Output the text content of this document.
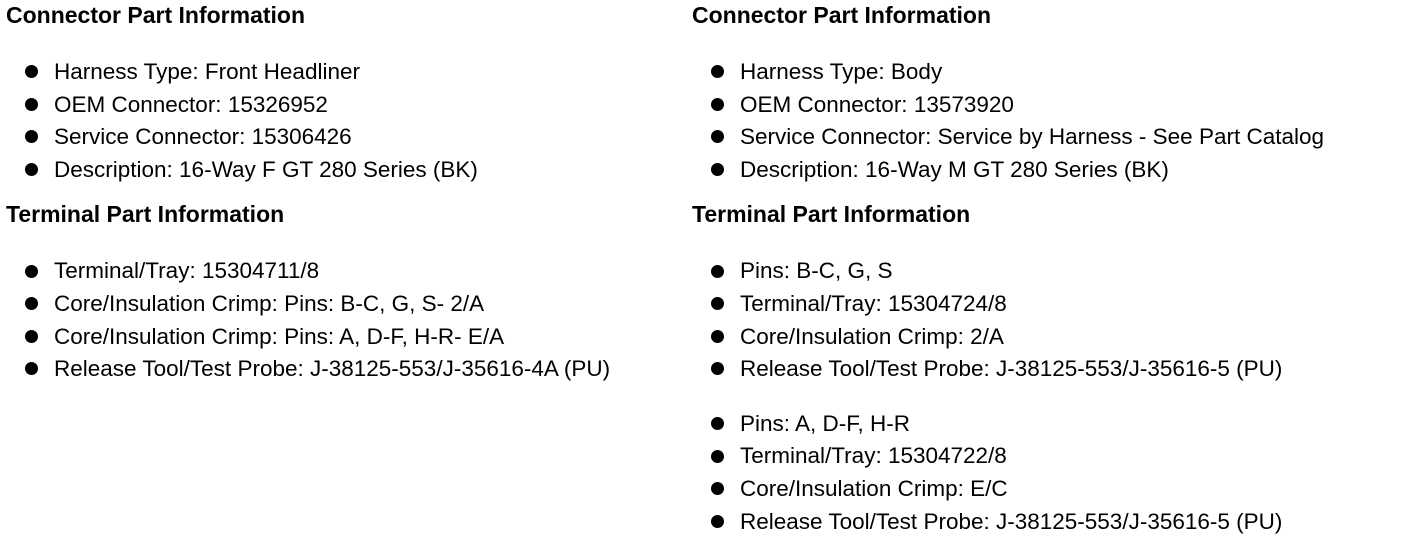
Connector Part Information
Harness Type: Front Headliner
OEM Connector: 15326952
Service Connector: 15306426
Description: 16-Way F GT 280 Series (BK)
Terminal Part Information
Terminal/Tray: 15304711/8
Core/Insulation Crimp: Pins: B-C, G, S- 2/A
Core/Insulation Crimp: Pins: A, D-F, H-R- E/A
Release Tool/Test Probe: J-38125-553/J-35616-4A (PU)
Connector Part Information
Harness Type: Body
OEM Connector: 13573920
Service Connector: Service by Harness - See Part Catalog
Description: 16-Way M GT 280 Series (BK)
Terminal Part Information
Pins: B-C, G, S
Terminal/Tray: 15304724/8
Core/Insulation Crimp: 2/A
Release Tool/Test Probe: J-38125-553/J-35616-5 (PU)
Pins: A, D-F, H-R
Terminal/Tray: 15304722/8
Core/Insulation Crimp: E/C
Release Tool/Test Probe: J-38125-553/J-35616-5 (PU)
